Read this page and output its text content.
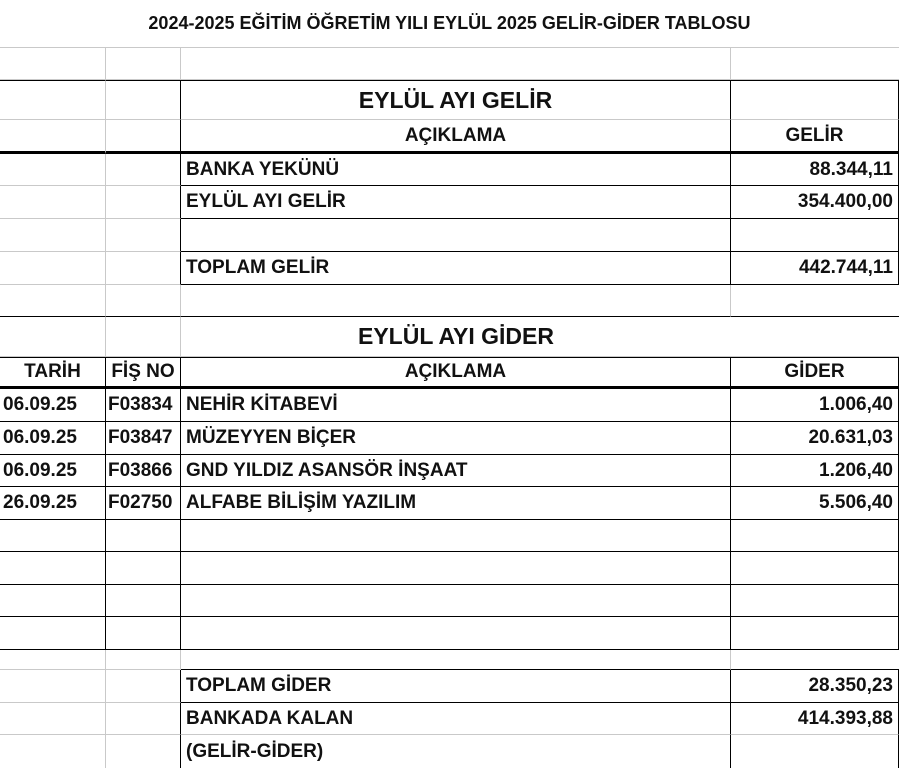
2024-2025 EĞİTİM ÖĞRETİM YILI EYLÜL 2025 GELİR-GİDER TABLOSU
EYLÜL AYI GELİR
AÇIKLAMA	GELİR
BANKA YEKÜNÜ	88.344,11
EYLÜL AYI GELİR	354.400,00
TOPLAM GELİR	442.744,11
EYLÜL AYI GİDER
TARİH	FİŞ NO	AÇIKLAMA	GİDER
06.09.25	F03834 NEHİR KİTABEVİ	1.006,40
06.09.25	F03847 MÜZEYYEN BİÇER	20.631,03
06.09.25	F03866 GND YILDIZ ASANSÖR İNŞAAT	1.206,40
26.09.25	F02750 ALFABE BİLİŞİM YAZILIM	5.506,40
TOPLAM GİDER	28.350,23
BANKADA KALAN	414.393,88
(GELİR-GİDER)
